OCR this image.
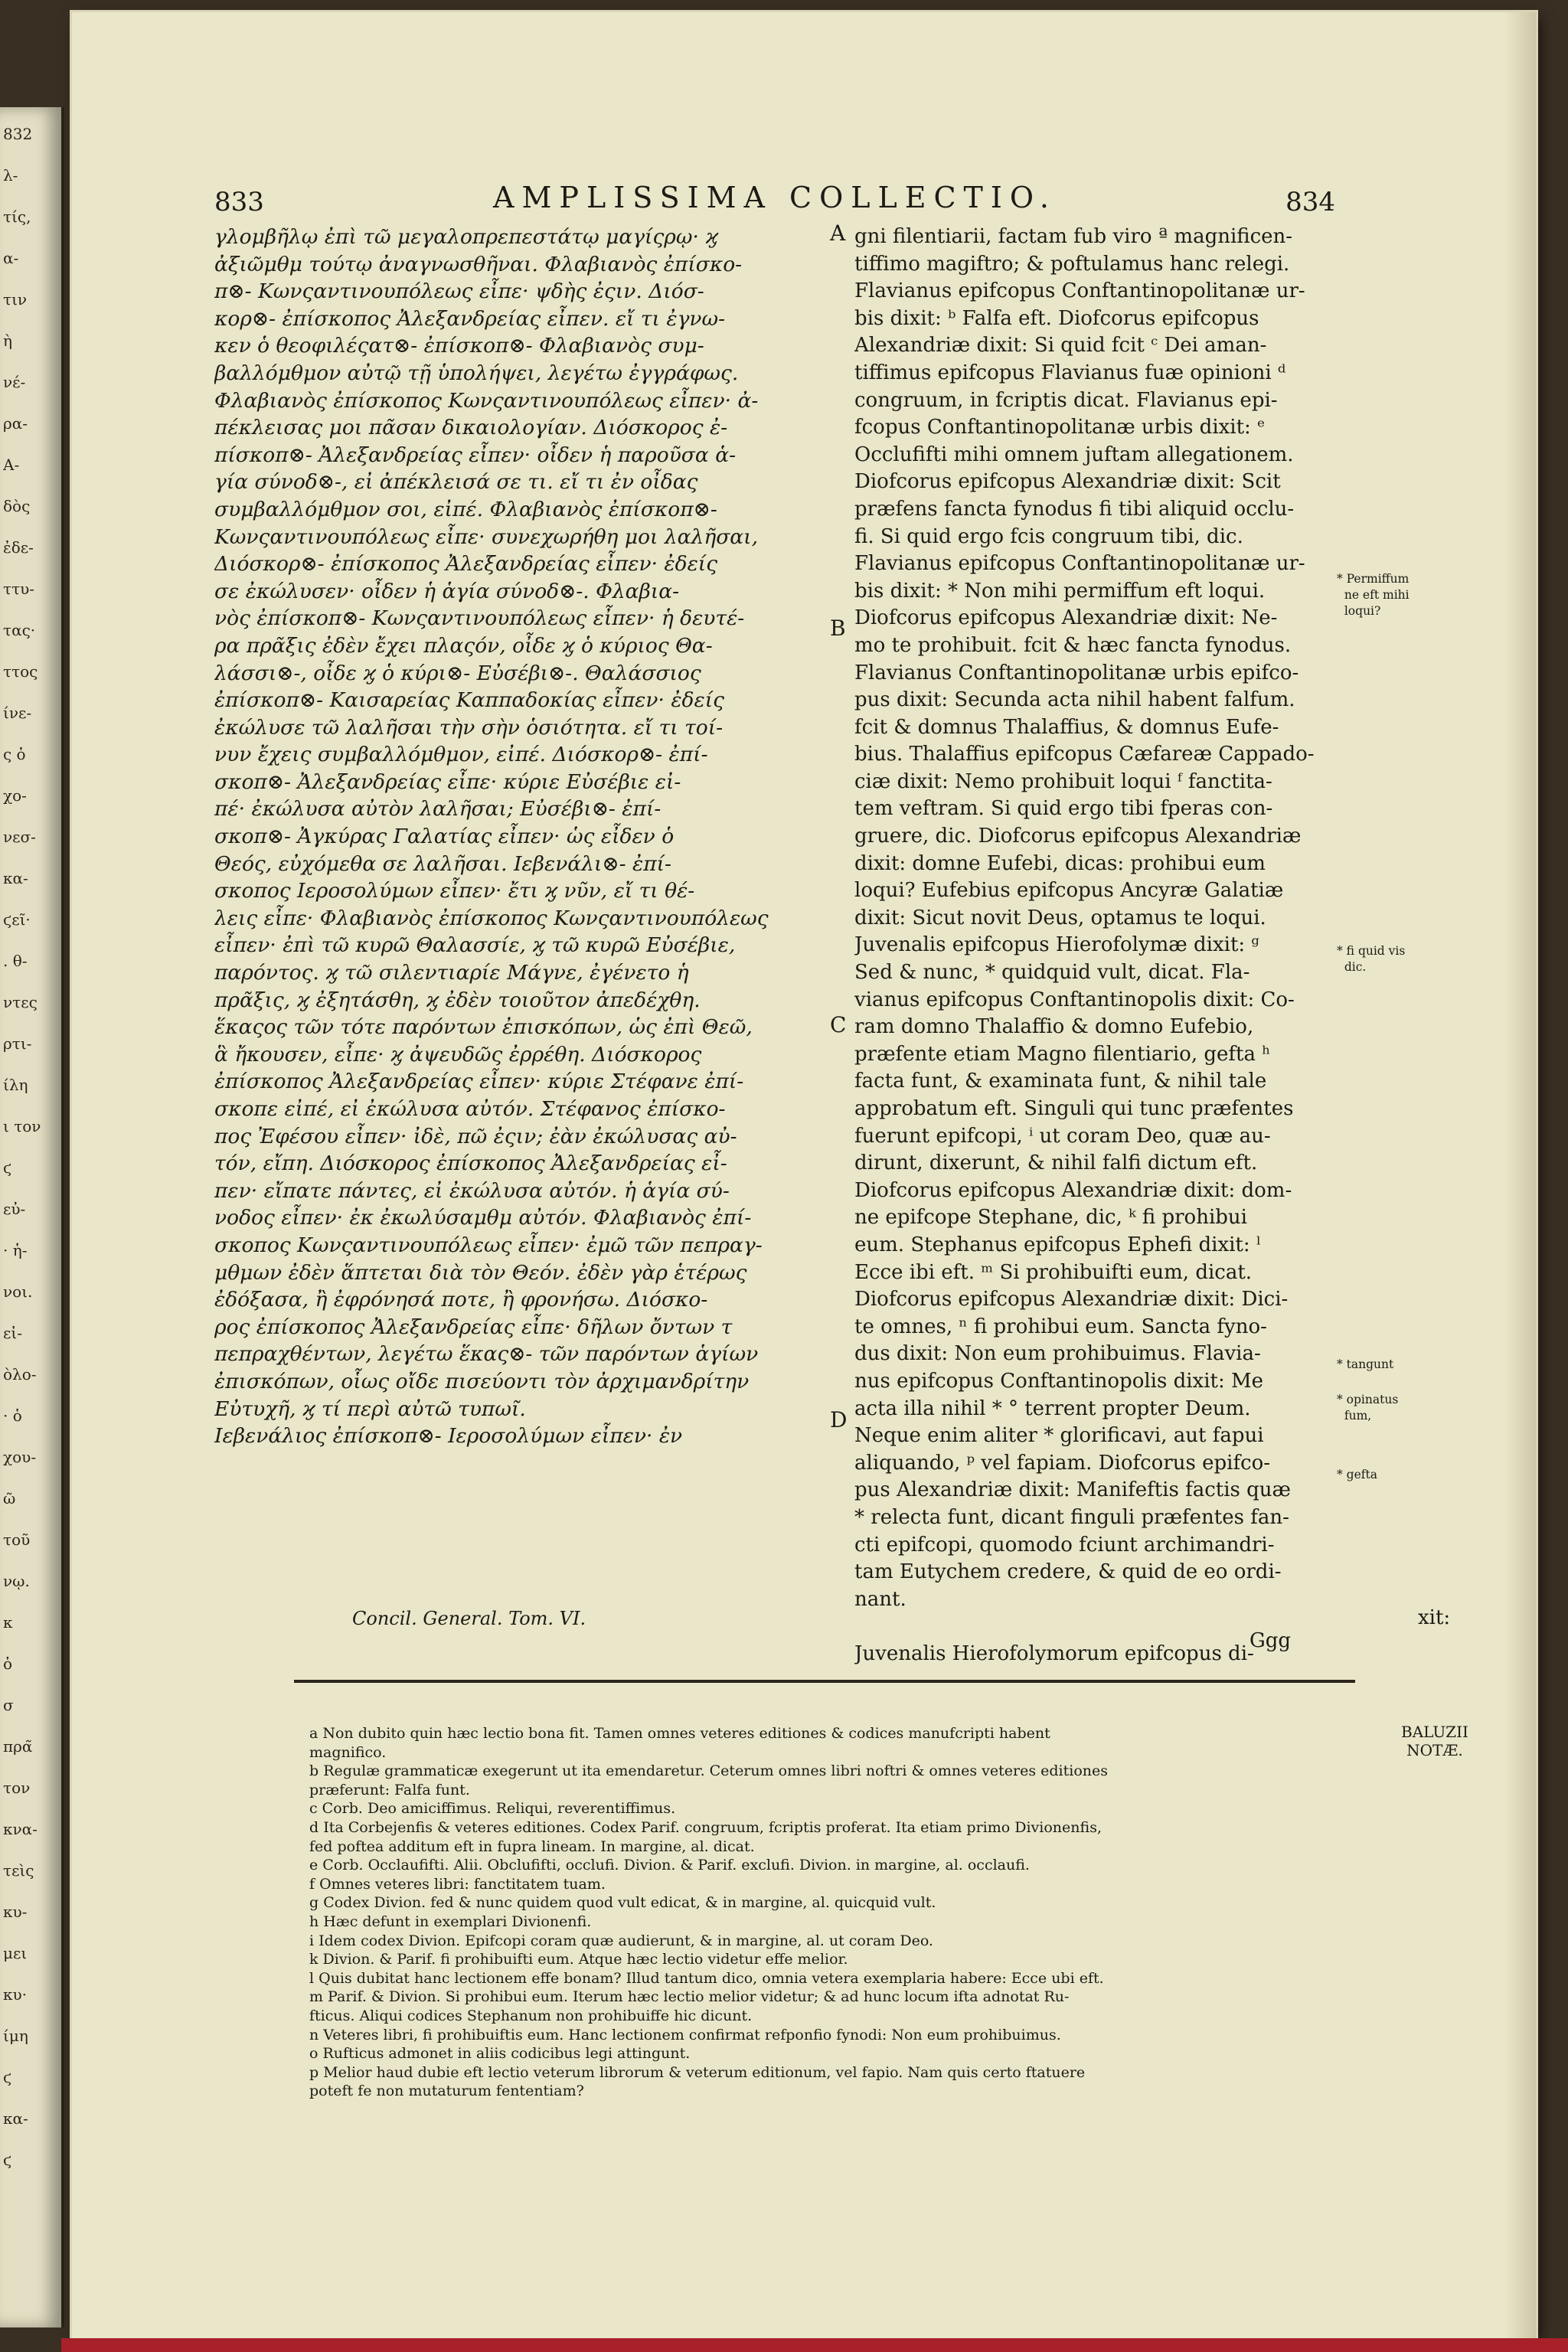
832
λ-
τίς,
α-
τιν
ὴ
νέ-
ρα-
Α-
δὸς
ἐδε-
ττυ-
τας·
ττος
ίνε-
ς ὁ
χο-
νεσ-
κα-
ϛεῖ·
. θ-
ντες
ρτι-
ίλη
ι τον
ϛ
εὐ-
· ἡ-
νοι.
εἰ-
ὸλο-
· ὁ
χου-
ῶ
τοῦ
νῳ.
κ
ὁ
σ
πρα̃
τον
κνα-
τεὶς
κυ-
μει
κυ·
ίμη
ϛ
κα-
ϛ
833	AMPLISSIMA COLLECTIO.	834
γλομβῆλῳ ἐπὶ τῶ μεγαλοπρεπεστάτῳ μαγίςρῳ· ϗ
ἀξιῶμθμ τούτῳ ἀναγνωσθῆναι. Φλαβιανὸς ἐπίσκο-
π⊗- Κωνςαντινουπόλεως εἶπε· ψδὴς ἐςιν. Διόσ-
κορ⊗- ἐπίσκοπος Ἀλεξανδρείας εἶπεν. εἴ τι ἐγνω-
κεν ὁ θεοφιλέςατ⊗- ἐπίσκοπ⊗- Φλαβιανὸς συμ-
βαλλόμθμον αὐτῷ τῇ ὑπολήψει, λεγέτω ἐγγράφως.
Φλαβιανὸς ἐπίσκοπος Κωνςαντινουπόλεως εἶπεν· ἀ-
πέκλεισας μοι πᾶσαν δικαιολογίαν. Διόσκορος ἐ-
πίσκοπ⊗- Ἀλεξανδρείας εἶπεν· οἶδεν ἡ παροῦσα ἁ-
γία σύνοδ⊗-, εἰ ἀπέκλεισά σε τι. εἴ τι ἐν οἶδας
συμβαλλόμθμον σοι, εἰπέ. Φλαβιανὸς ἐπίσκοπ⊗-
Κωνςαντινουπόλεως εἶπε· συνεχωρήθη μοι λαλῆσαι,
Διόσκορ⊗- ἐπίσκοπος Ἀλεξανδρείας εἶπεν· ἐδείς
σε ἐκώλυσεν· οἶδεν ἡ ἁγία σύνοδ⊗-. Φλαβια-
νὸς ἐπίσκοπ⊗- Κωνςαντινουπόλεως εἶπεν· ἡ δευτέ-
ρα πρᾶξις ἐδὲν ἔχει πλαςόν, οἶδε ϗ ὁ κύριος Θα-
λάσσι⊗-, οἶδε ϗ ὁ κύρι⊗- Εὐσέβι⊗-. Θαλάσσιος
ἐπίσκοπ⊗- Καισαρείας Καππαδοκίας εἶπεν· ἐδείς
ἐκώλυσε τῶ λαλῆσαι τὴν σὴν ὁσιότητα. εἴ τι τοί-
νυν ἔχεις συμβαλλόμθμον, εἰπέ. Διόσκορ⊗- ἐπί-
σκοπ⊗- Ἀλεξανδρείας εἶπε· κύριε Εὐσέβιε εἰ-
πέ· ἐκώλυσα αὐτὸν λαλῆσαι; Εὐσέβι⊗- ἐπί-
σκοπ⊗- Ἀγκύρας Γαλατίας εἶπεν· ὡς εἶδεν ὁ
Θεός, εὐχόμεθα σε λαλῆσαι. Ιεβενάλι⊗- ἐπί-
σκοπος Ιεροσολύμων εἶπεν· ἔτι ϗ νῦν, εἴ τι θέ-
λεις εἶπε· Φλαβιανὸς ἐπίσκοπος Κωνςαντινουπόλεως
εἶπεν· ἐπὶ τῶ κυρῶ Θαλασσίε, ϗ τῶ κυρῶ Εὐσέβιε,
παρόντος. ϗ τῶ σιλεντιαρίε Μάγνε, ἐγένετο ἡ
πρᾶξις, ϗ ἐξητάσθη, ϗ ἐδὲν τοιοῦτον ἀπεδέχθη.
ἕκαςος τῶν τότε παρόντων ἐπισκόπων, ὡς ἐπὶ Θεῶ,
ἃ ἤκουσεν, εἶπε· ϗ ἀψευδῶς ἐρρέθη. Διόσκορος
ἐπίσκοπος Ἀλεξανδρείας εἶπεν· κύριε Στέφανε ἐπί-
σκοπε εἰπέ, εἰ ἐκώλυσα αὐτόν. Στέφανος ἐπίσκο-
πος Ἐφέσου εἶπεν· ἰδὲ, πῶ ἐςιν; ἐὰν ἐκώλυσας αὐ-
τόν, εἴπη. Διόσκορος ἐπίσκοπος Ἀλεξανδρείας εἶ-
πεν· εἴπατε πάντες, εἰ ἐκώλυσα αὐτόν. ἡ ἁγία σύ-
νοδος εἶπεν· ἐκ ἐκωλύσαμθμ αὐτόν. Φλαβιανὸς ἐπί-
σκοπος Κωνςαντινουπόλεως εἶπεν· ἐμῶ τῶν πεπραγ-
μθμων ἐδὲν ἅπτεται διὰ τὸν Θεόν. ἐδὲν γὰρ ἑτέρως
ἐδόξασα, ἢ ἐφρόνησά ποτε, ἢ φρονήσω. Διόσκο-
ρος ἐπίσκοπος Ἀλεξανδρείας εἶπε· δῆλων ὄντων τ
πεπραχθέντων, λεγέτω ἕκας⊗- τῶν παρόντων ἁγίων
ἐπισκόπων, οἷως οἴδε πισεύοντι τὸν ἀρχιμανδρίτην
Εὐτυχῆ, ϗ τί περὶ αὐτῶ τυπωῖ.
Ιεβενάλιος ἐπίσκοπ⊗- Ιεροσολύμων εἶπεν· ἐν
gni filentiarii, factam fub viro ª magnificen-
tiffimo magiftro; & poftulamus hanc relegi.
Flavianus epifcopus Conftantinopolitanæ ur-
bis dixit: ᵇ Falfa eft. Diofcorus epifcopus
Alexandriæ dixit: Si quid fcit ᶜ Dei aman-
tiffimus epifcopus Flavianus fuæ opinioni ᵈ
congruum, in fcriptis dicat. Flavianus epi-
fcopus Conftantinopolitanæ urbis dixit: ᵉ
Occlufifti mihi omnem juftam allegationem.
Diofcorus epifcopus Alexandriæ dixit: Scit
præfens fancta fynodus fi tibi aliquid occlu-
fi. Si quid ergo fcis congruum tibi, dic.
Flavianus epifcopus Conftantinopolitanæ ur-
bis dixit: * Non mihi permiffum eft loqui.
Diofcorus epifcopus Alexandriæ dixit: Ne-
mo te prohibuit. fcit & hæc fancta fynodus.
Flavianus Conftantinopolitanæ urbis epifco-
pus dixit: Secunda acta nihil habent falfum.
fcit & domnus Thalaffius, & domnus Eufe-
bius. Thalaffius epifcopus Cæfareæ Cappado-
ciæ dixit: Nemo prohibuit loqui ᶠ fanctita-
tem veftram. Si quid ergo tibi fperas con-
gruere, dic. Diofcorus epifcopus Alexandriæ
dixit: domne Eufebi, dicas: prohibui eum
loqui? Eufebius epifcopus Ancyræ Galatiæ
dixit: Sicut novit Deus, optamus te loqui.
Juvenalis epifcopus Hierofolymæ dixit: ᵍ
Sed & nunc, * quidquid vult, dicat. Fla-
vianus epifcopus Conftantinopolis dixit: Co-
ram domno Thalaffio & domno Eufebio,
præfente etiam Magno filentiario, gefta ʰ
facta funt, & examinata funt, & nihil tale
approbatum eft. Singuli qui tunc præfentes
fuerunt epifcopi, ⁱ ut coram Deo, quæ au-
dirunt, dixerunt, & nihil falfi dictum eft.
Diofcorus epifcopus Alexandriæ dixit: dom-
ne epifcope Stephane, dic, ᵏ fi prohibui
eum. Stephanus epifcopus Ephefi dixit: ˡ
Ecce ibi eft. ᵐ Si prohibuifti eum, dicat.
Diofcorus epifcopus Alexandriæ dixit: Dici-
te omnes, ⁿ fi prohibui eum. Sancta fyno-
dus dixit: Non eum prohibuimus. Flavia-
nus epifcopus Conftantinopolis dixit: Me
acta illa nihil * ° terrent propter Deum.
Neque enim aliter * glorificavi, aut fapui
aliquando, ᵖ vel fapiam. Diofcorus epifco-
pus Alexandriæ dixit: Manifeftis factis quæ
* relecta funt, dicant finguli præfentes fan-
cti epifcopi, quomodo fciunt archimandri-
tam Eutychem credere, & quid de eo ordi-
nant.
Juvenalis Hierofolymorum epifcopus di-
A
B
C
D
* Permiffum
ne eft mihi
loqui?
* fi quid vis
dic.
* tangunt
* opinatus
fum,
* gefta
Concil. General. Tom. VI.
Ggg
xit:
BALUZII
NOTÆ.
a Non dubito quin hæc lectio bona fit. Tamen omnes veteres editiones & codices manufcripti habent
magnifico.
b Regulæ grammaticæ exegerunt ut ita emendaretur. Ceterum omnes libri noftri & omnes veteres editiones
præferunt: Falfa funt.
c Corb. Deo amiciffimus. Reliqui, reverentiffimus.
d Ita Corbejenfis & veteres editiones. Codex Parif. congruum, fcriptis proferat. Ita etiam primo Divionenfis,
fed poftea additum eft in fupra lineam. In margine, al. dicat.
e Corb. Occlaufifti. Alii. Obclufifti, occlufi. Divion. & Parif. exclufi. Divion. in margine, al. occlaufi.
f Omnes veteres libri: fanctitatem tuam.
g Codex Divion. fed & nunc quidem quod vult edicat, & in margine, al. quicquid vult.
h Hæc defunt in exemplari Divionenfi.
i Idem codex Divion. Epifcopi coram quæ audierunt, & in margine, al. ut coram Deo.
k Divion. & Parif. fi prohibuifti eum. Atque hæc lectio videtur effe melior.
l Quis dubitat hanc lectionem effe bonam? Illud tantum dico, omnia vetera exemplaria habere: Ecce ubi eft.
m Parif. & Divion. Si prohibui eum. Iterum hæc lectio melior videtur; & ad hunc locum ifta adnotat Ru-
fticus. Aliqui codices Stephanum non prohibuiffe hic dicunt.
n Veteres libri, fi prohibuiftis eum. Hanc lectionem confirmat refponfio fynodi: Non eum prohibuimus.
o Rufticus admonet in aliis codicibus legi attingunt.
p Melior haud dubie eft lectio veterum librorum & veterum editionum, vel fapio. Nam quis certo ftatuere
poteft fe non mutaturum fententiam?
